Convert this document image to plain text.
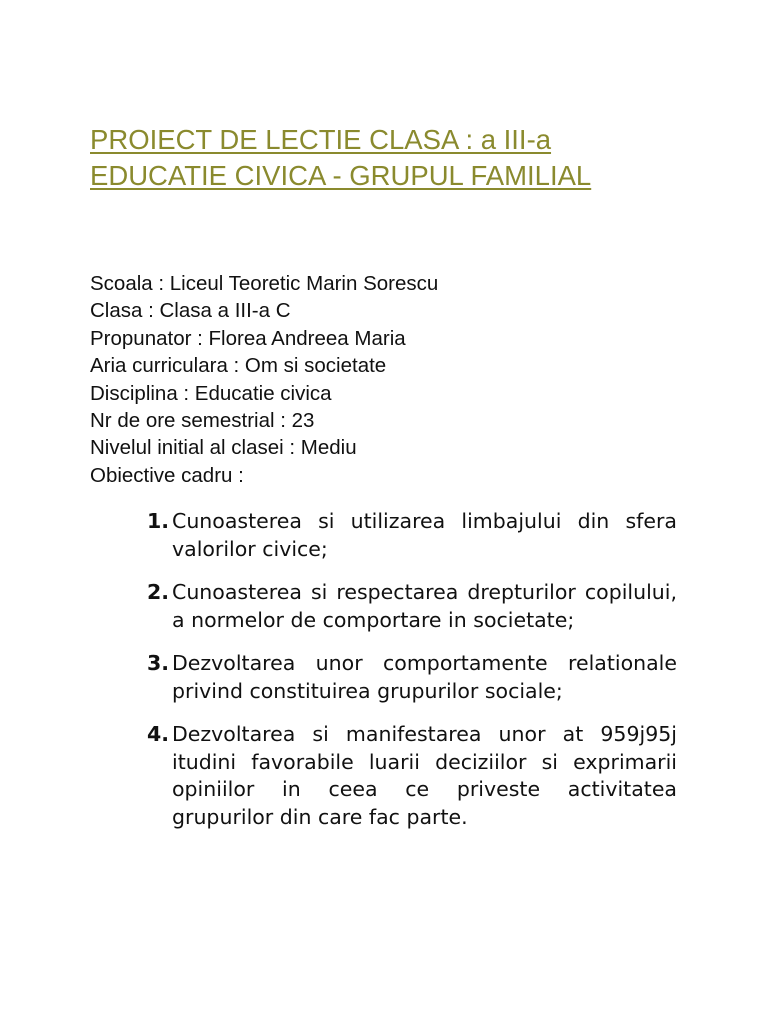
PROIECT DE LECTIE CLASA : a III-a
EDUCATIE CIVICA - GRUPUL FAMILIAL
Scoala : Liceul Teoretic Marin Sorescu
Clasa : Clasa a III-a C
Propunator : Florea Andreea Maria
Aria curriculara : Om si societate
Disciplina : Educatie civica
Nr de ore semestrial : 23
Nivelul initial al clasei : Mediu
Obiective cadru :
1. Cunoasterea si utilizarea limbajului din sfera valorilor civice;
2. Cunoasterea si respectarea drepturilor copilului, a normelor de comportare in societate;
3. Dezvoltarea unor comportamente relationale privind constituirea grupurilor sociale;
4. Dezvoltarea si manifestarea unor at 959j95j itudini favorabile luarii deciziilor si exprimarii opiniilor in ceea ce priveste activitatea grupurilor din care fac parte.
